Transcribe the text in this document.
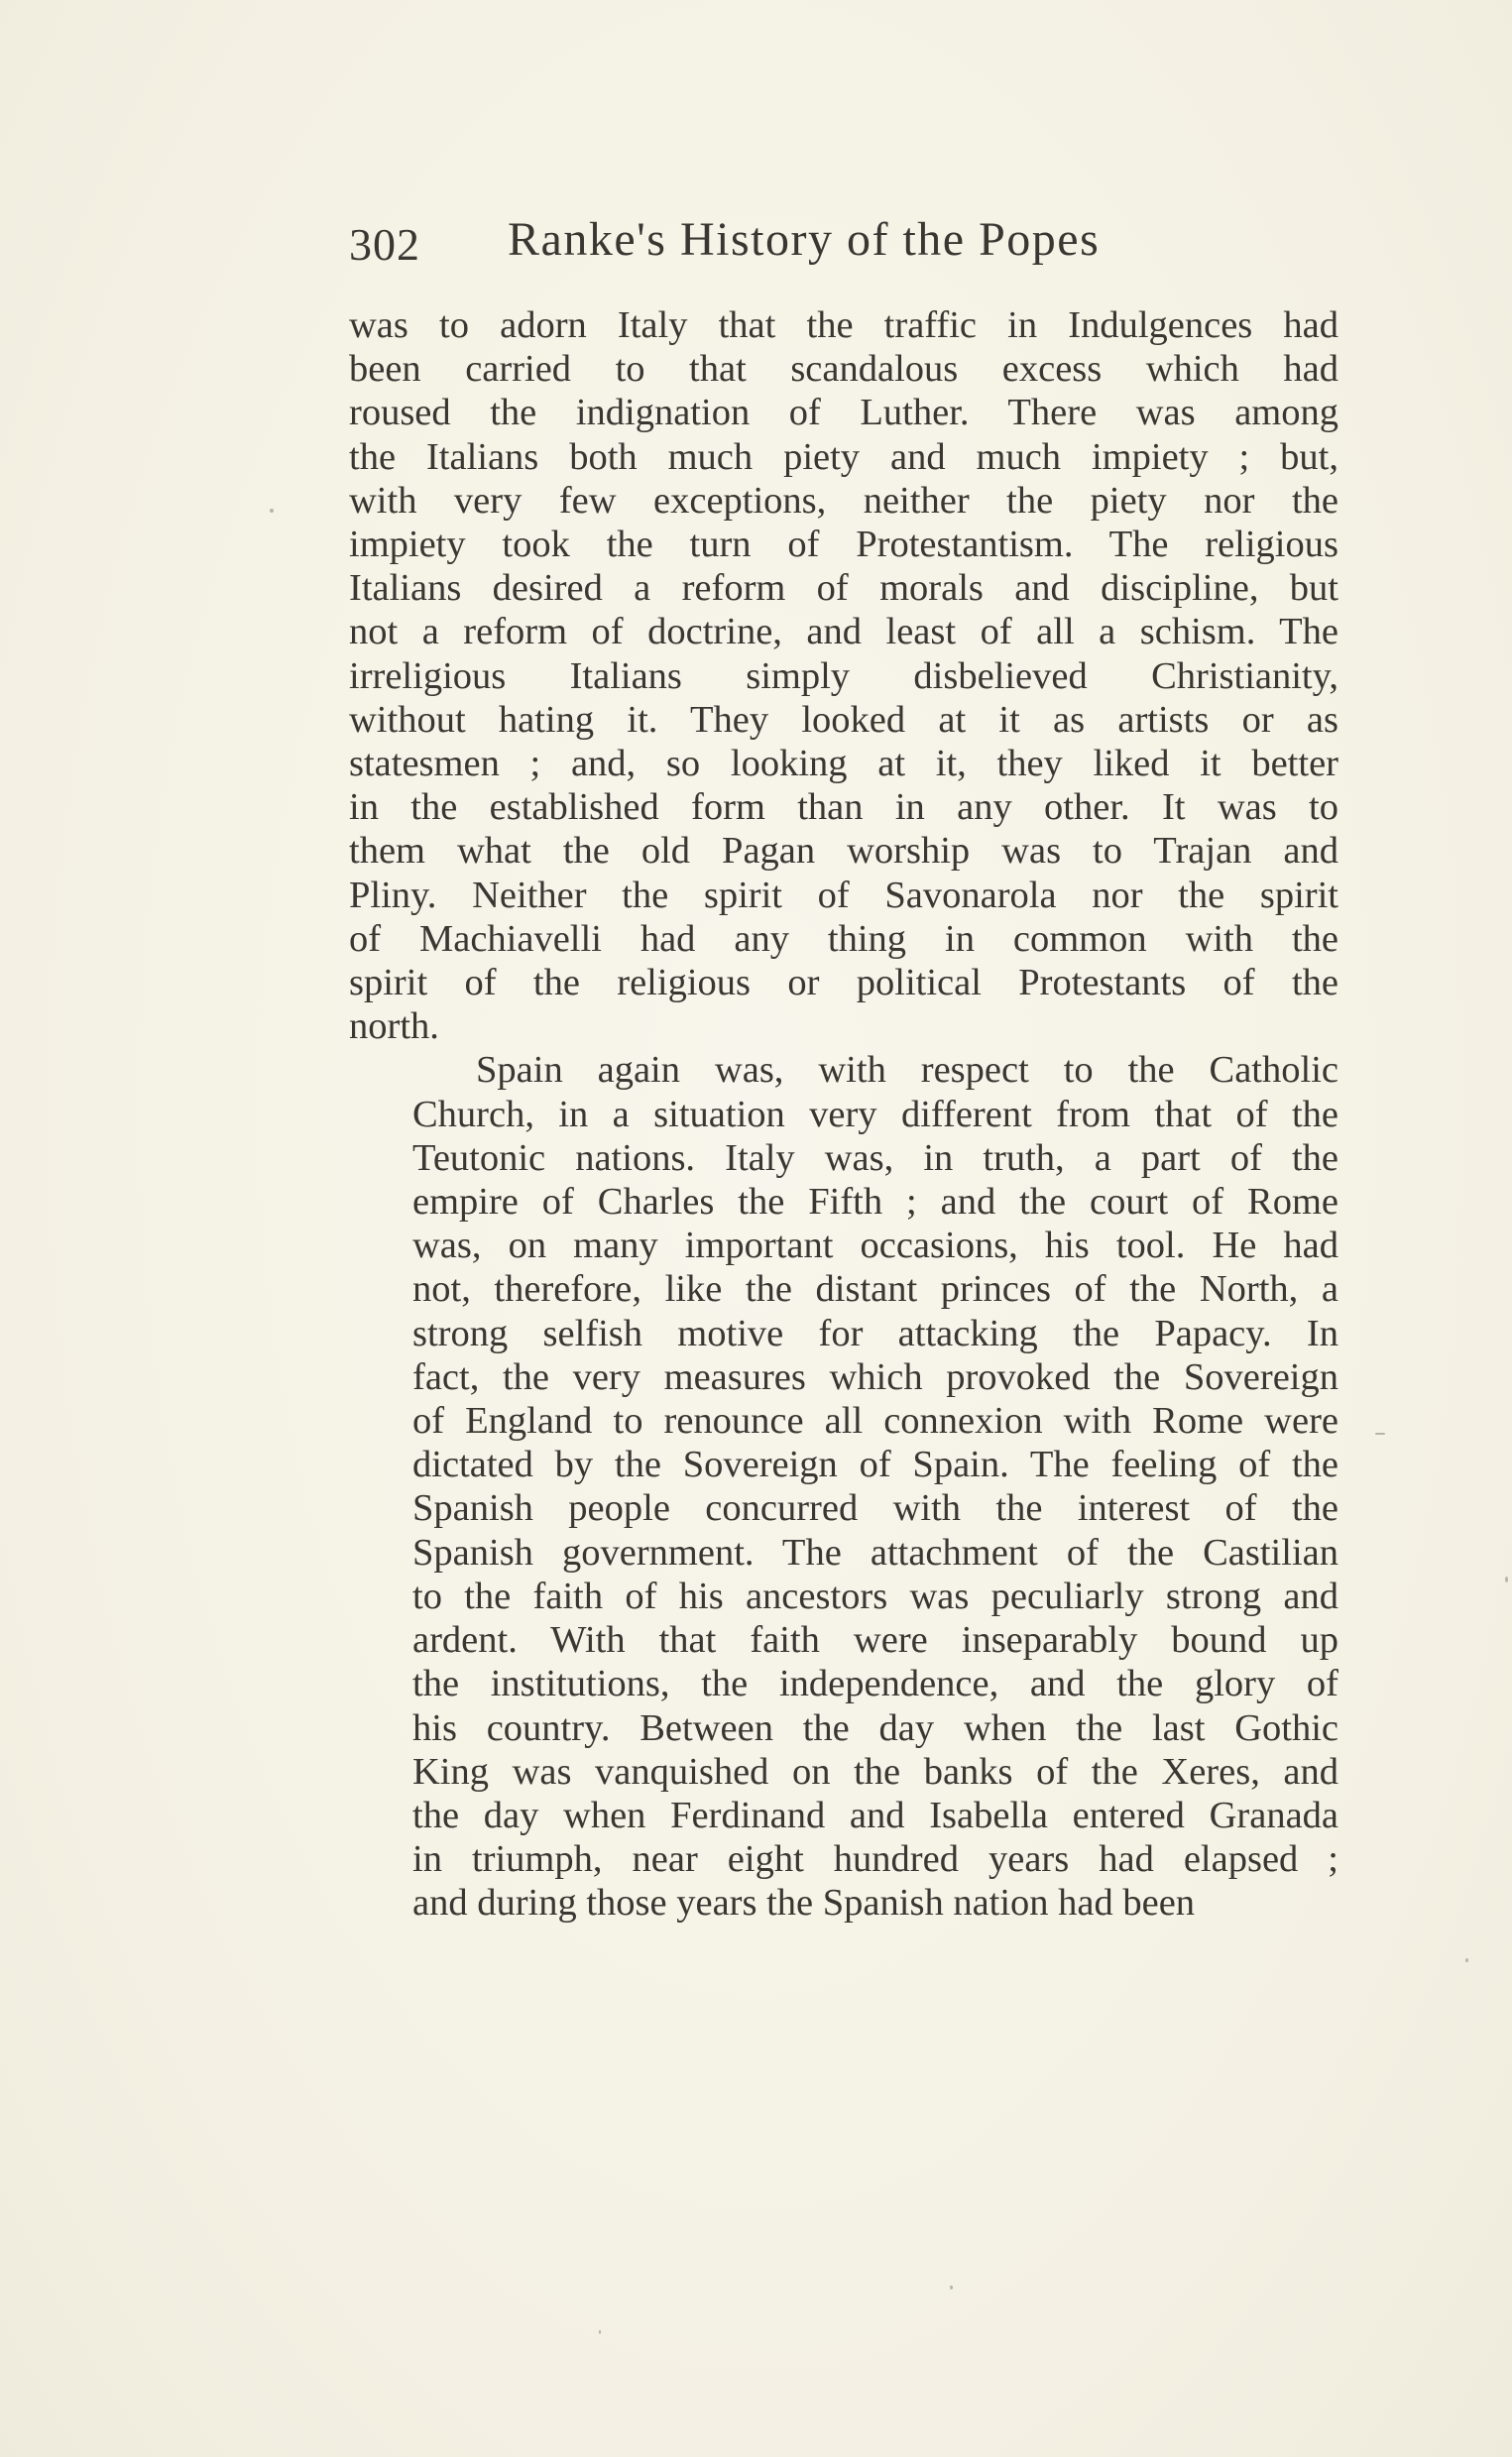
302 Ranke's History of the Popes
was to adorn Italy that the traffic in Indulgences had
been carried to that scandalous excess which had
roused the indignation of Luther. There was among
the Italians both much piety and much impiety ; but,
with very few exceptions, neither the piety nor the
impiety took the turn of Protestantism. The religious
Italians desired a reform of morals and discipline, but
not a reform of doctrine, and least of all a schism. The
irreligious Italians simply disbelieved Christianity,
without hating it. They looked at it as artists or as
statesmen ; and, so looking at it, they liked it better
in the established form than in any other. It was to
them what the old Pagan worship was to Trajan and
Pliny. Neither the spirit of Savonarola nor the spirit
of Machiavelli had any thing in common with the
spirit of the religious or political Protestants of the
north.
Spain again was, with respect to the Catholic
Church, in a situation very different from that of the
Teutonic nations. Italy was, in truth, a part of the
empire of Charles the Fifth ; and the court of Rome
was, on many important occasions, his tool. He had
not, therefore, like the distant princes of the North, a
strong selfish motive for attacking the Papacy. In
fact, the very measures which provoked the Sovereign
of England to renounce all connexion with Rome were
dictated by the Sovereign of Spain. The feeling of the
Spanish people concurred with the interest of the
Spanish government. The attachment of the Castilian
to the faith of his ancestors was peculiarly strong and
ardent. With that faith were inseparably bound up
the institutions, the independence, and the glory of
his country. Between the day when the last Gothic
King was vanquished on the banks of the Xeres, and
the day when Ferdinand and Isabella entered Granada
in triumph, near eight hundred years had elapsed ;
and during those years the Spanish nation had been
